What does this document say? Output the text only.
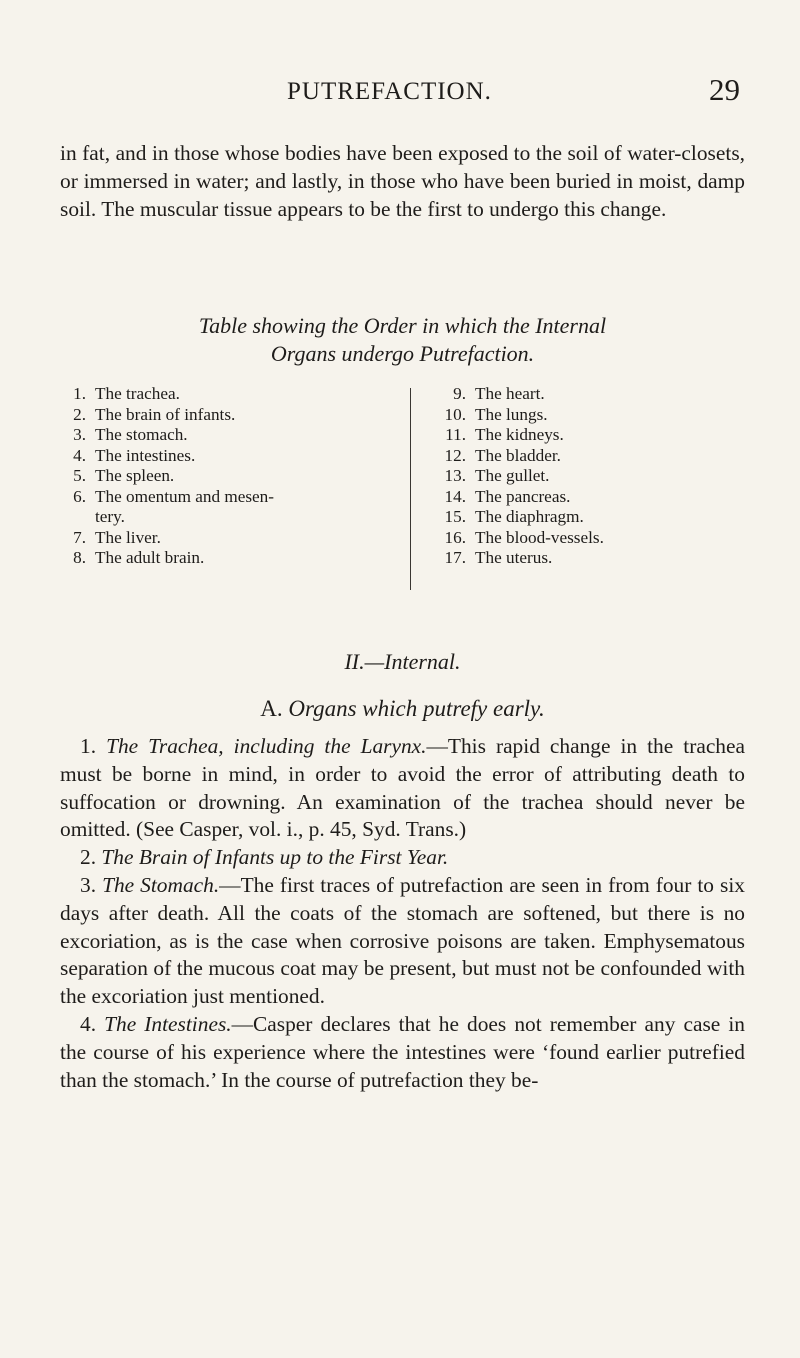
PUTREFACTION.	29

in fat, and in those whose bodies have been exposed to the soil of water-closets, or immersed in water; and lastly, in those who have been buried in moist, damp soil. The muscular tissue appears to be the first to undergo this change.

Table showing the Order in which the Internal
Organs undergo Putrefaction.
1. The trachea.
2. The brain of infants.
3. The stomach.
4. The intestines.
5. The spleen.
6. The omentum and mesen-
tery.
7. The liver.
8. The adult brain.
9. The heart.
10. The lungs.
11. The kidneys.
12. The bladder.
13. The gullet.
14. The pancreas.
15. The diaphragm.
16. The blood-vessels.
17. The uterus.
II.—Internal.
A. Organs which putrefy early.

1. The Trachea, including the Larynx.—This rapid change in the trachea must be borne in mind, in order to avoid the error of attributing death to suffocation or drowning. An examination of the trachea should never be omitted. (See Casper, vol. i., p. 45, Syd. Trans.)

2. The Brain of Infants up to the First Year.

3. The Stomach.—The first traces of putrefaction are seen in from four to six days after death. All the coats of the stomach are softened, but there is no excoriation, as is the case when corrosive poisons are taken. Emphysematous separation of the mucous coat may be present, but must not be confounded with the excoriation just mentioned.

4. The Intestines.—Casper declares that he does not remember any case in the course of his experience where the intestines were ‘found earlier putrefied than the stomach.’ In the course of putrefaction they be-
